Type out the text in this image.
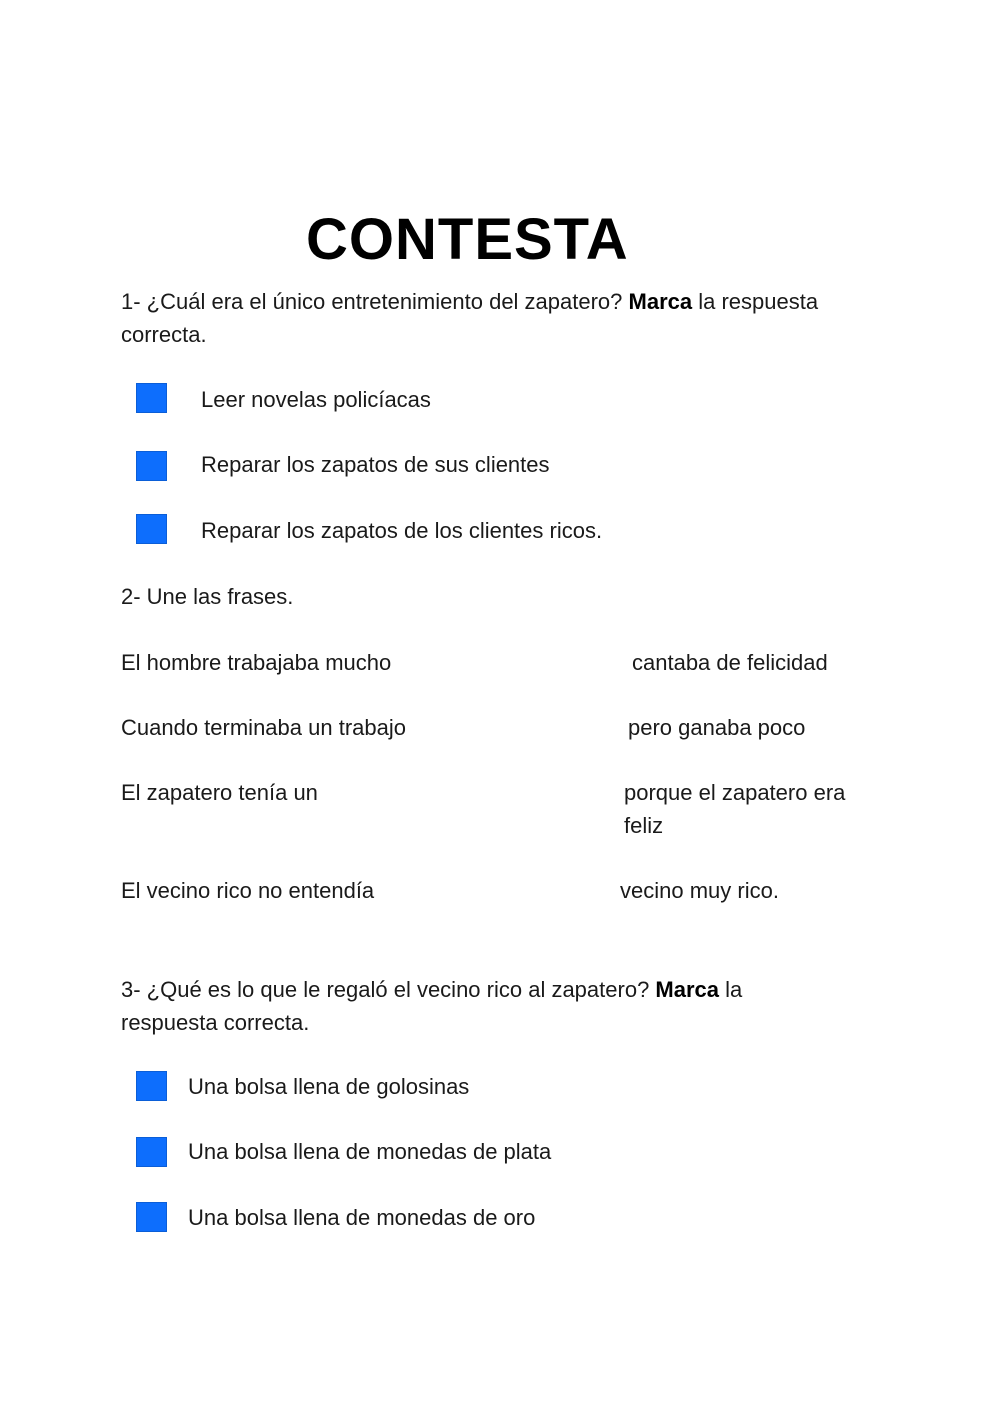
CONTESTA
1- ¿Cuál era el único entretenimiento del zapatero? Marca la respuesta
correcta.
Leer novelas policíacas
Reparar los zapatos de sus clientes
Reparar los zapatos de los clientes ricos.
2- Une las frases.
El hombre trabajaba mucho	cantaba de felicidad
Cuando terminaba un trabajo	pero ganaba poco
El zapatero tenía un	porque el zapatero era
feliz
El vecino rico no entendía	vecino muy rico.
3- ¿Qué es lo que le regaló el vecino rico al zapatero? Marca la
respuesta correcta.
Una bolsa llena de golosinas
Una bolsa llena de monedas de plata
Una bolsa llena de monedas de oro
